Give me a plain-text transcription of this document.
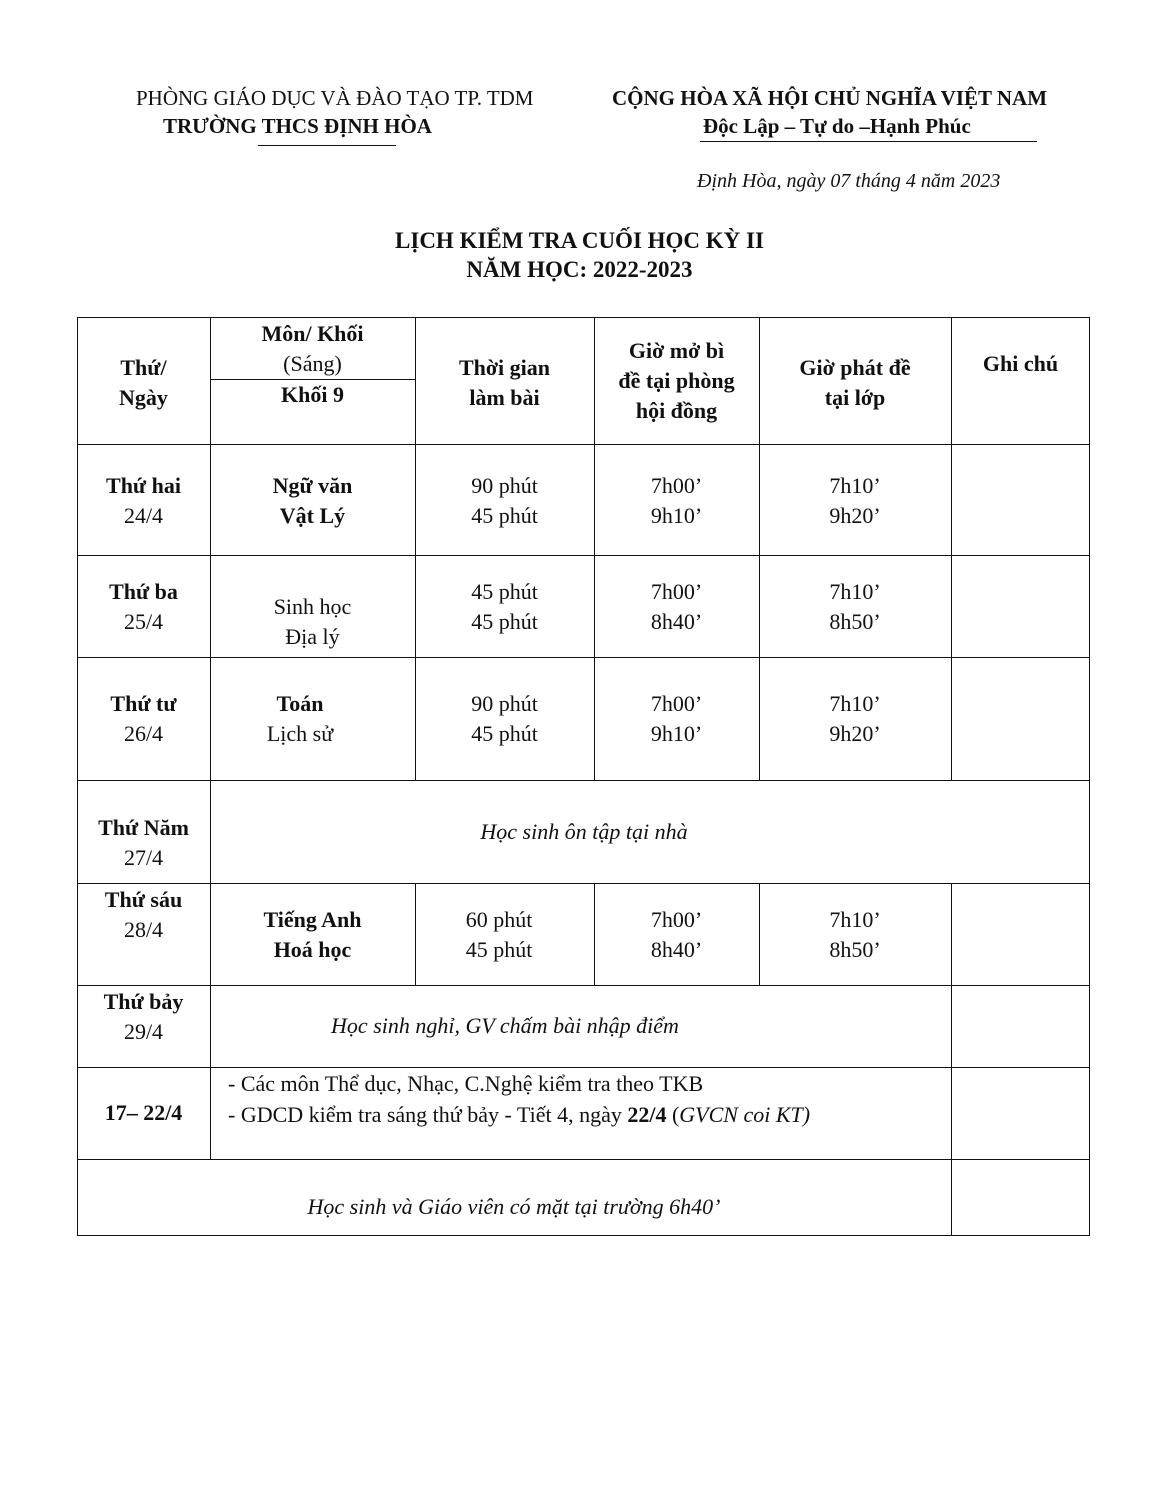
PHÒNG GIÁO DỤC VÀ ĐÀO TẠO TP. TDM
TRƯỜNG THCS ĐỊNH HÒA
CỘNG HÒA XÃ HỘI CHỦ NGHĨA VIỆT NAM
Độc Lập – Tự do –Hạnh Phúc
Định Hòa, ngày 07 tháng 4 năm 2023
LỊCH KIỂM TRA CUỐI HỌC KỲ II
NĂM HỌC: 2022-2023
Thứ/
Ngày
Môn/ Khối
(Sáng)
Khối 9
Thời gian
làm bài
Giờ mở bì
đề tại phòng
hội đồng
Giờ phát đề
tại lớp
Ghi chú
Thứ hai
24/4
Ngữ văn
Vật Lý
90 phút
45 phút
7h00’
9h10’
7h10’
9h20’
Thứ ba
25/4
Sinh học
Địa lý
45 phút
45 phút
7h00’
8h40’
7h10’
8h50’
Thứ tư
26/4
Toán
Lịch sử
90 phút
45 phút
7h00’
9h10’
7h10’
9h20’
Thứ Năm
27/4
Học sinh ôn tập tại nhà
Thứ sáu
28/4	Tiếng Anh
Hoá học
60 phút
45 phút
7h00’
8h40’
7h10’
8h50’
Thứ bảy
29/4	Học sinh nghỉ, GV chấm bài nhập điểm
17– 22/4
- Các môn Thể dục, Nhạc, C.Nghệ kiểm tra theo TKB
- GDCD kiểm tra sáng thứ bảy - Tiết 4, ngày 22/4 (GVCN coi KT)
Học sinh và Giáo viên có mặt tại trường 6h40’
